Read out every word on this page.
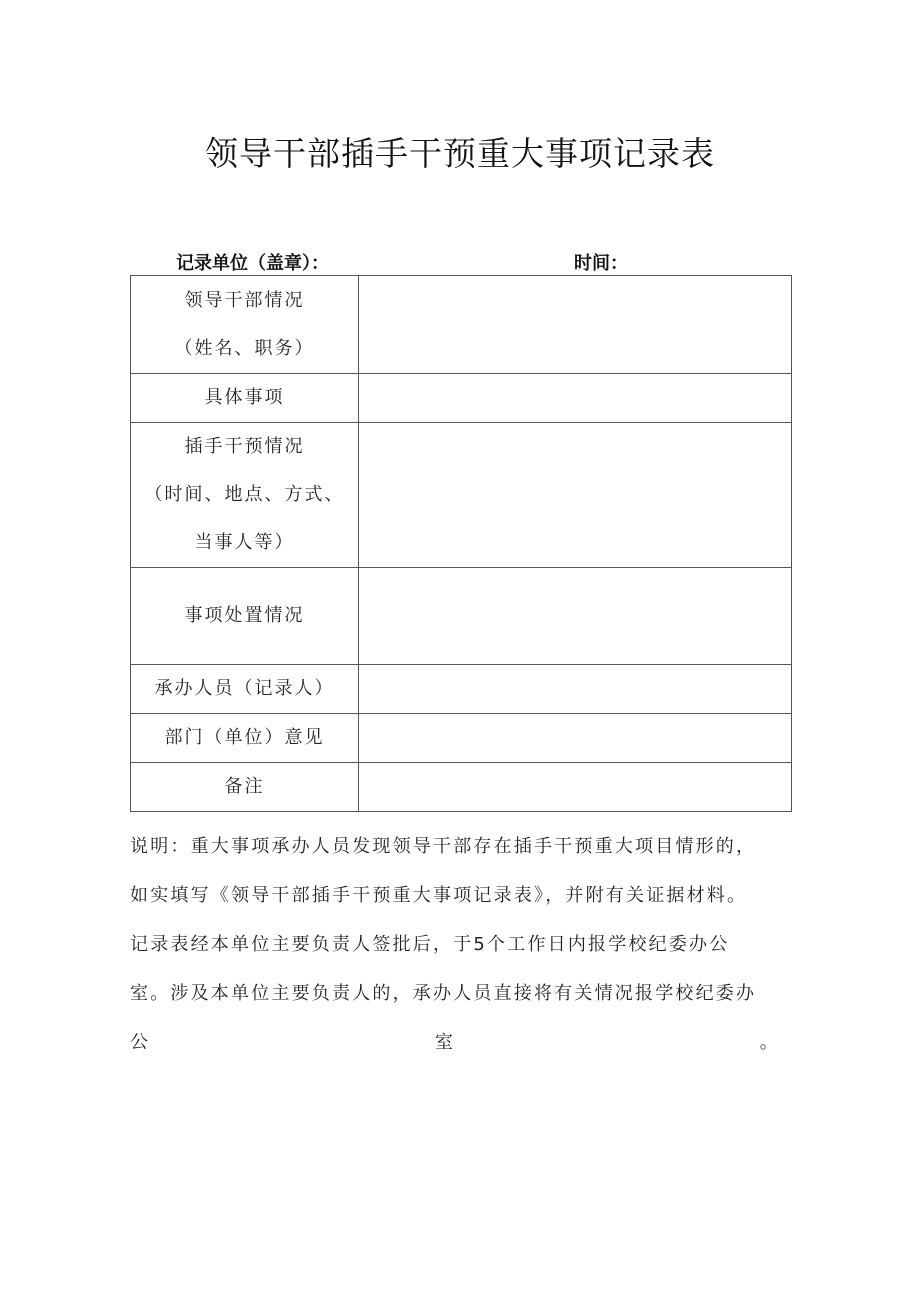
领导干部插手干预重大事项记录表
记录单位（盖章）：	时间：
领导干部情况
（姓名、职务）	

具体事项	

插手干预情况
（时间、地点、方式、
当事人等）	

事项处置情况	

承办人员（记录人）	

部门（单位）意见	

备注	

说明：重大事项承办人员发现领导干部存在插手干预重大项目情形的，
如实填写《领导干部插手干预重大事项记录表》，并附有关证据材料。
记录表经本单位主要负责人签批后，于5个工作日内报学校纪委办公
室。涉及本单位主要负责人的，承办人员直接将有关情况报学校纪委办
公	室	。
